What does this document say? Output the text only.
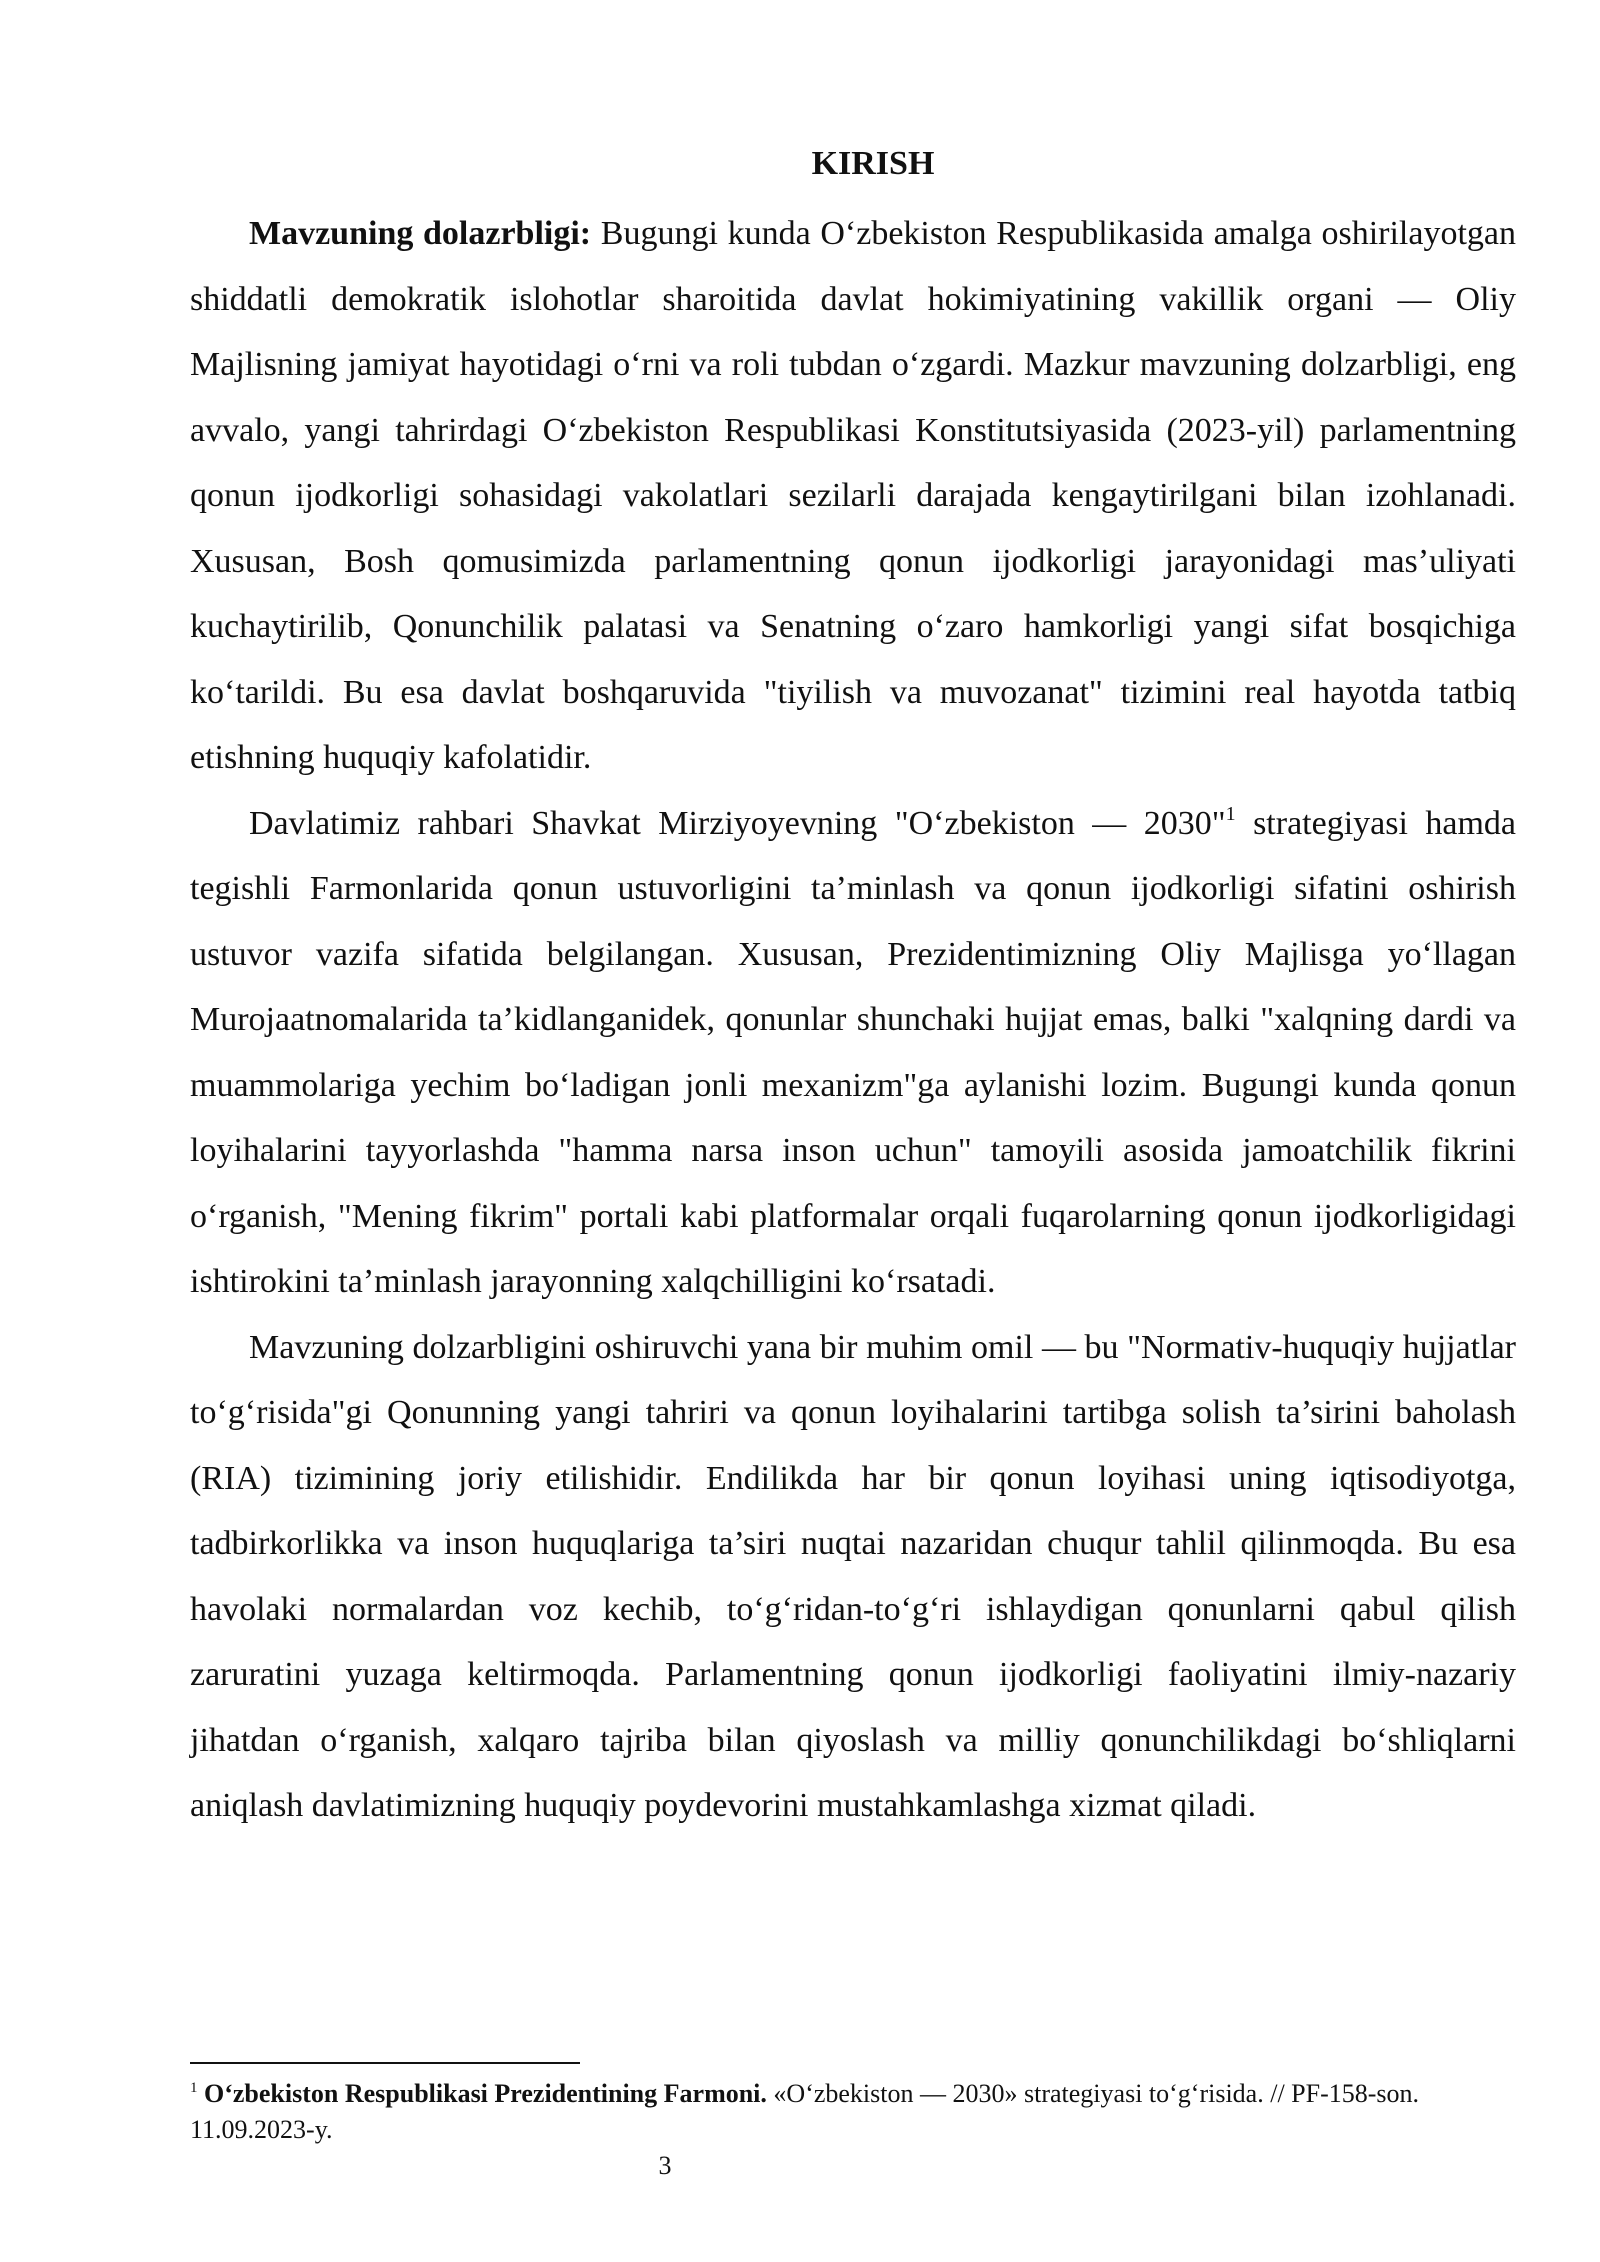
KIRISH

Mavzuning dolazrbligi: Bugungi kunda O‘zbekiston Respublikasida amalga oshirilayotgan shiddatli demokratik islohotlar sharoitida davlat hokimiyatining vakillik organi — Oliy Majlisning jamiyat hayotidagi o‘rni va roli tubdan o‘zgardi. Mazkur mavzuning dolzarbligi, eng avvalo, yangi tahrirdagi O‘zbekiston Respublikasi Konstitutsiyasida (2023-yil) parlamentning qonun ijodkorligi sohasidagi vakolatlari sezilarli darajada kengaytirilgani bilan izohlanadi. Xususan, Bosh qomusimizda parlamentning qonun ijodkorligi jarayonidagi mas’uliyati kuchaytirilib, Qonunchilik palatasi va Senatning o‘zaro hamkorligi yangi sifat bosqichiga ko‘tarildi. Bu esa davlat boshqaruvida "tiyilish va muvozanat" tizimini real hayotda tatbiq etishning huquqiy kafolatidir.

Davlatimiz rahbari Shavkat Mirziyoyevning "O‘zbekiston — 2030"$^1$ strategiyasi hamda tegishli Farmonlarida qonun ustuvorligini ta’minlash va qonun ijodkorligi sifatini oshirish ustuvor vazifa sifatida belgilangan. Xususan, Prezidentimizning Oliy Majlisga yo‘llagan Murojaatnomalarida ta’kidlanganidek, qonunlar shunchaki hujjat emas, balki "xalqning dardi va muammolariga yechim bo‘ladigan jonli mexanizm"ga aylanishi lozim. Bugungi kunda qonun loyihalarini tayyorlashda "hamma narsa inson uchun" tamoyili asosida jamoatchilik fikrini o‘rganish, "Mening fikrim" portali kabi platformalar orqali fuqarolarning qonun ijodkorligidagi ishtirokini ta’minlash jarayonning xalqchilligini ko‘rsatadi.

Mavzuning dolzarbligini oshiruvchi yana bir muhim omil — bu "Normativ-huquqiy hujjatlar to‘g‘risida"gi Qonunning yangi tahriri va qonun loyihalarini tartibga solish ta’sirini baholash (RIA) tizimining joriy etilishidir. Endilikda har bir qonun loyihasi uning iqtisodiyotga, tadbirkorlikka va inson huquqlariga ta’siri nuqtai nazaridan chuqur tahlil qilinmoqda. Bu esa havolaki normalardan voz kechib, to‘g‘ridan-to‘g‘ri ishlaydigan qonunlarni qabul qilish zaruratini yuzaga keltirmoqda. Parlamentning qonun ijodkorligi faoliyatini ilmiy-nazariy jihatdan o‘rganish, xalqaro tajriba bilan qiyoslash va milliy qonunchilikdagi bo‘shliqlarni aniqlash davlatimizning huquqiy poydevorini mustahkamlashga xizmat qiladi.

$^1$ O‘zbekiston Respublikasi Prezidentining Farmoni. «O‘zbekiston — 2030» strategiyasi to‘g‘risida. // PF-158-son. 11.09.2023-y.

3
